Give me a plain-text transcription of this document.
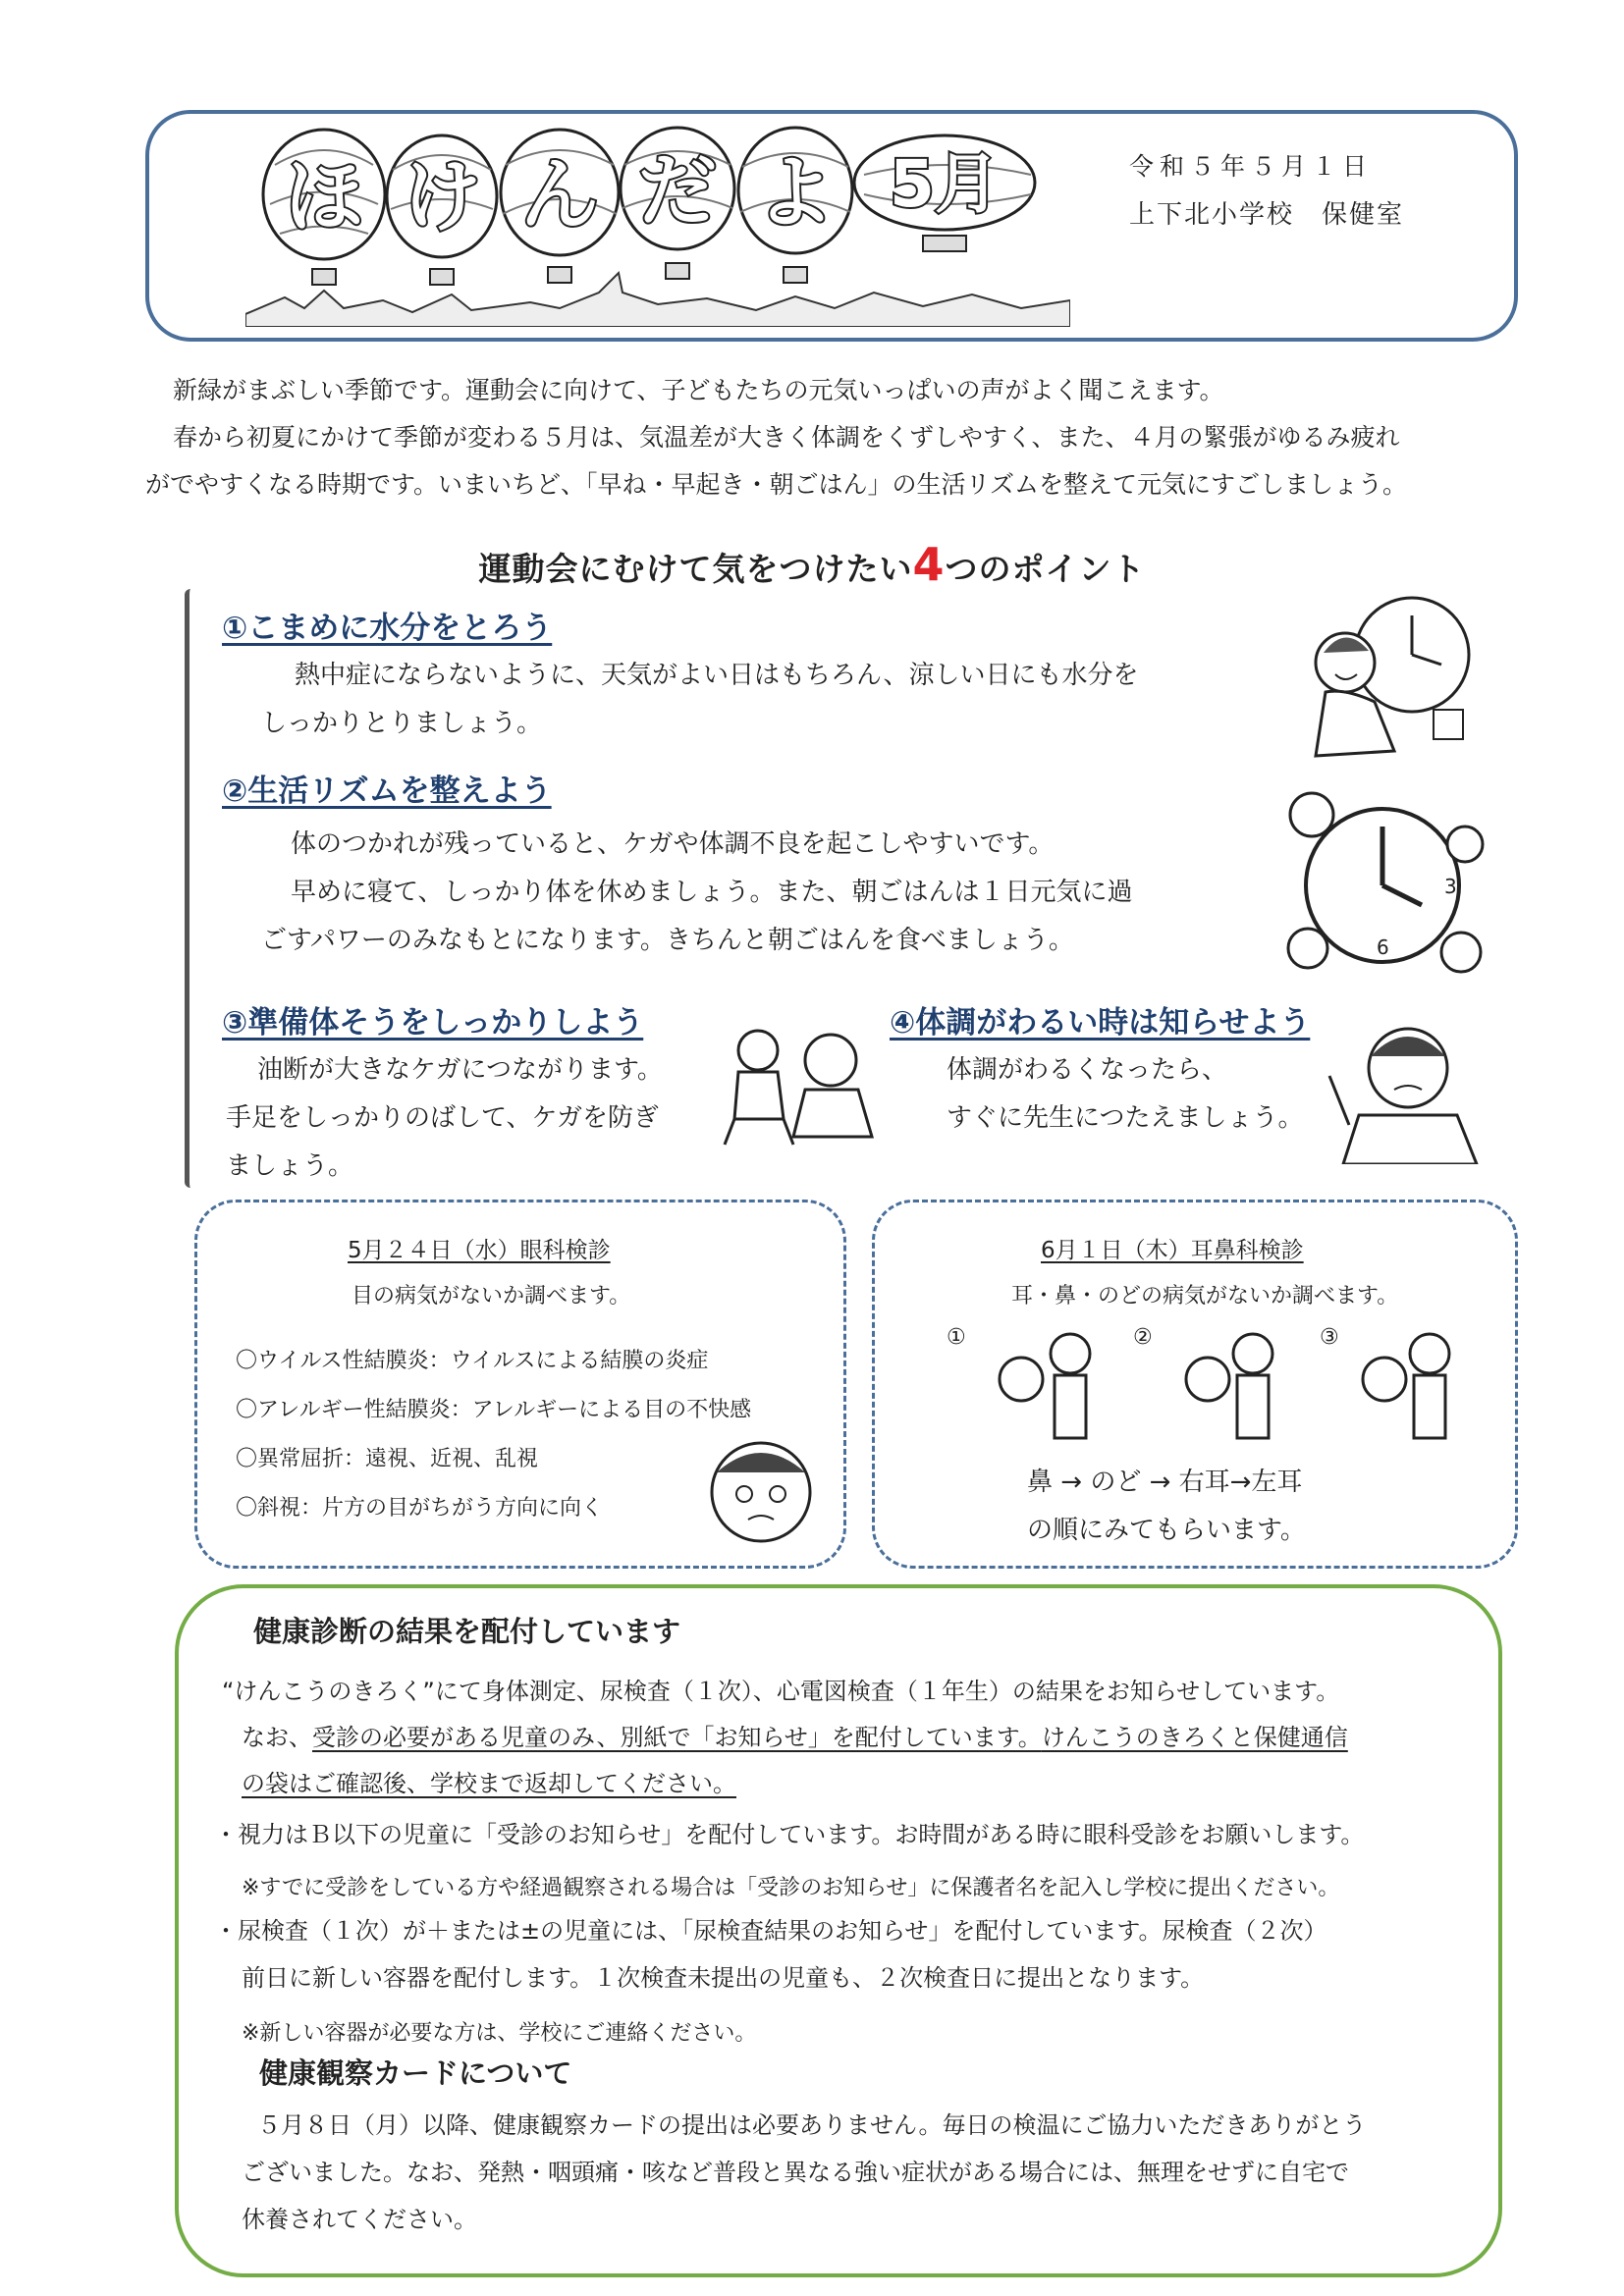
ほ け ん だ よ 5月	令和５年５月１日
上下北小学校　保健室
新緑がまぶしい季節です。運動会に向けて、子どもたちの元気いっぱいの声がよく聞こえます。
春から初夏にかけて季節が変わる５月は、気温差が大きく体調をくずしやすく、また、４月の緊張がゆるみ疲れ
がでやすくなる時期です。いまいちど、「早ね・早起き・朝ごはん」の生活リズムを整えて元気にすごしましょう。
運動会にむけて気をつけたい4つのポイント
①こまめに水分をとろう
熱中症にならないように、天気がよい日はもちろん、涼しい日にも水分を
しっかりとりましょう。
②生活リズムを整えよう
体のつかれが残っていると、ケガや体調不良を起こしやすいです。
早めに寝て、しっかり体を休めましょう。また、朝ごはんは１日元気に過
ごすパワーのみなもとになります。きちんと朝ごはんを食べましょう。
3
6
③準備体そうをしっかりしよう
油断が大きなケガにつながります。
手足をしっかりのばして、ケガを防ぎ
ましょう。
④体調がわるい時は知らせよう
体調がわるくなったら、
すぐに先生につたえましょう。
5月２４日（水）眼科検診
目の病気がないか調べます。
〇ウイルス性結膜炎：ウイルスによる結膜の炎症
〇アレルギー性結膜炎：アレルギーによる目の不快感
〇異常屈折：遠視、近視、乱視
〇斜視：片方の目がちがう方向に向く
6月１日（木）耳鼻科検診
耳・鼻・のどの病気がないか調べます。
①	②	③
鼻 → のど → 右耳→左耳
の順にみてもらいます。
健康診断の結果を配付しています
“けんこうのきろく”にて身体測定、尿検査（１次）、心電図検査（１年生）の結果をお知らせしています。
なお、受診の必要がある児童のみ、別紙で「お知らせ」を配付しています。けんこうのきろくと保健通信
の袋はご確認後、学校まで返却してください。
・視力はＢ以下の児童に「受診のお知らせ」を配付しています。お時間がある時に眼科受診をお願いします。
※すでに受診をしている方や経過観察される場合は「受診のお知らせ」に保護者名を記入し学校に提出ください。
・尿検査（１次）が＋または±の児童には、「尿検査結果のお知らせ」を配付しています。尿検査（２次）
前日に新しい容器を配付します。１次検査未提出の児童も、２次検査日に提出となります。
※新しい容器が必要な方は、学校にご連絡ください。
健康観察カードについて
５月８日（月）以降、健康観察カードの提出は必要ありません。毎日の検温にご協力いただきありがとう
ございました。なお、発熱・咽頭痛・咳など普段と異なる強い症状がある場合には、無理をせずに自宅で
休養されてください。
